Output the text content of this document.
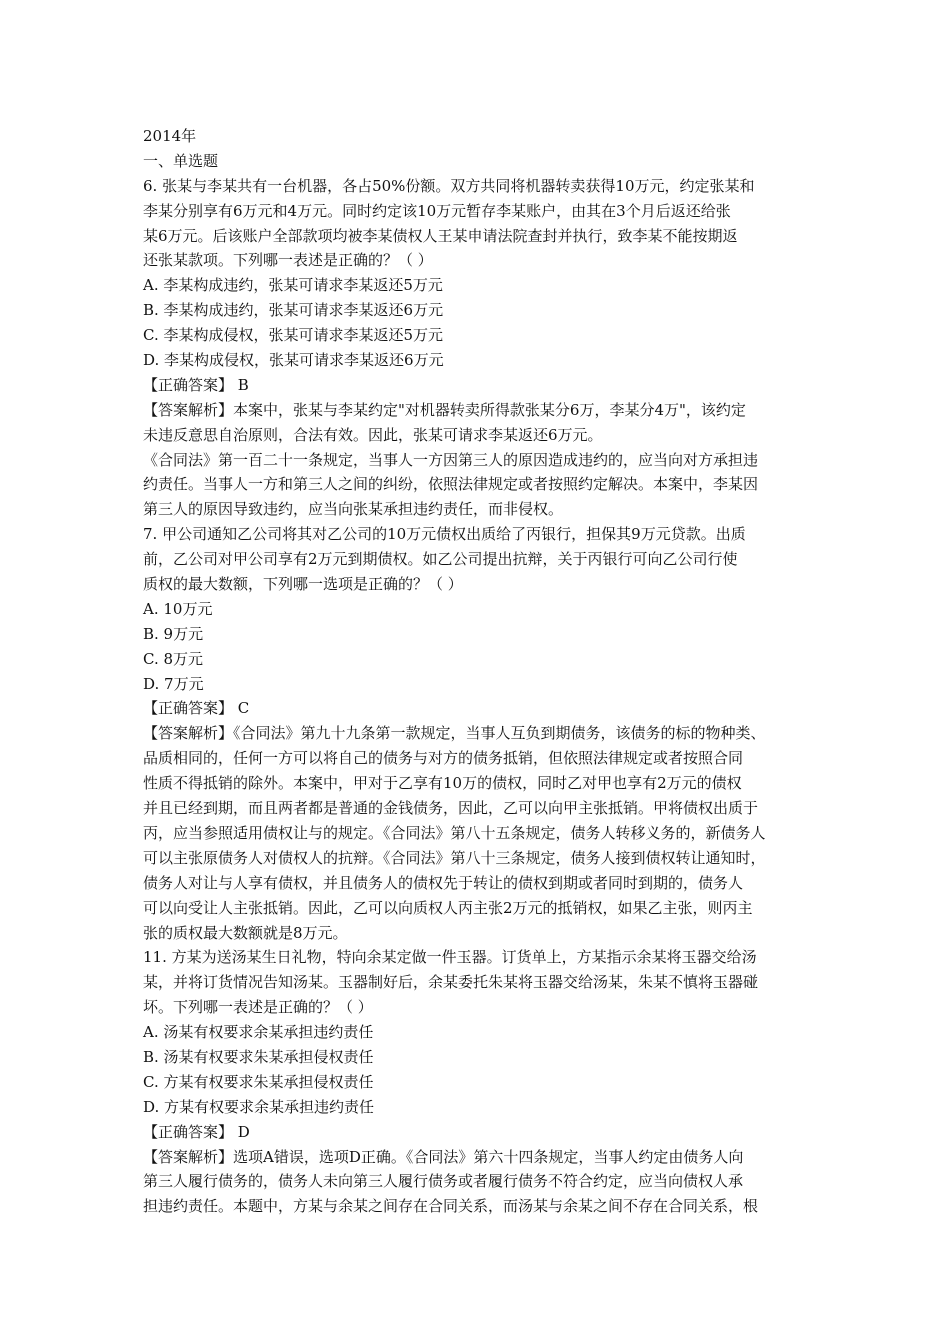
2014年
一、单选题
6. 张某与李某共有一台机器，各占50%份额。双方共同将机器转卖获得10万元，约定张某和
李某分别享有6万元和4万元。同时约定该10万元暂存李某账户，由其在3个月后返还给张
某6万元。后该账户全部款项均被李某债权人王某申请法院查封并执行，致李某不能按期返
还张某款项。下列哪一表述是正确的？（ ）
A. 李某构成违约，张某可请求李某返还5万元
B. 李某构成违约，张某可请求李某返还6万元
C. 李某构成侵权，张某可请求李某返还5万元
D. 李某构成侵权，张某可请求李某返还6万元
【正确答案】 B
【答案解析】本案中，张某与李某约定"对机器转卖所得款张某分6万，李某分4万"，该约定
未违反意思自治原则，合法有效。因此，张某可请求李某返还6万元。
《合同法》第一百二十一条规定，当事人一方因第三人的原因造成违约的，应当向对方承担违
约责任。当事人一方和第三人之间的纠纷，依照法律规定或者按照约定解决。本案中，李某因
第三人的原因导致违约，应当向张某承担违约责任，而非侵权。
7. 甲公司通知乙公司将其对乙公司的10万元债权出质给了丙银行，担保其9万元贷款。出质
前，乙公司对甲公司享有2万元到期债权。如乙公司提出抗辩，关于丙银行可向乙公司行使
质权的最大数额，下列哪一选项是正确的？（ ）
A. 10万元
B. 9万元
C. 8万元
D. 7万元
【正确答案】 C
【答案解析】《合同法》第九十九条第一款规定，当事人互负到期债务，该债务的标的物种类、
品质相同的，任何一方可以将自己的债务与对方的债务抵销，但依照法律规定或者按照合同
性质不得抵销的除外。本案中，甲对于乙享有10万的债权，同时乙对甲也享有2万元的债权
并且已经到期，而且两者都是普通的金钱债务，因此，乙可以向甲主张抵销。甲将债权出质于
丙，应当参照适用债权让与的规定。《合同法》第八十五条规定，债务人转移义务的，新债务人
可以主张原债务人对债权人的抗辩。《合同法》第八十三条规定，债务人接到债权转让通知时，
债务人对让与人享有债权，并且债务人的债权先于转让的债权到期或者同时到期的，债务人
可以向受让人主张抵销。因此，乙可以向质权人丙主张2万元的抵销权，如果乙主张，则丙主
张的质权最大数额就是8万元。
11. 方某为送汤某生日礼物，特向余某定做一件玉器。订货单上，方某指示余某将玉器交给汤
某，并将订货情况告知汤某。玉器制好后，余某委托朱某将玉器交给汤某，朱某不慎将玉器碰
坏。下列哪一表述是正确的？（ ）
A. 汤某有权要求余某承担违约责任
B. 汤某有权要求朱某承担侵权责任
C. 方某有权要求朱某承担侵权责任
D. 方某有权要求余某承担违约责任
【正确答案】 D
【答案解析】选项A错误，选项D正确。《合同法》第六十四条规定，当事人约定由债务人向
第三人履行债务的，债务人未向第三人履行债务或者履行债务不符合约定，应当向债权人承
担违约责任。本题中，方某与余某之间存在合同关系，而汤某与余某之间不存在合同关系，根
